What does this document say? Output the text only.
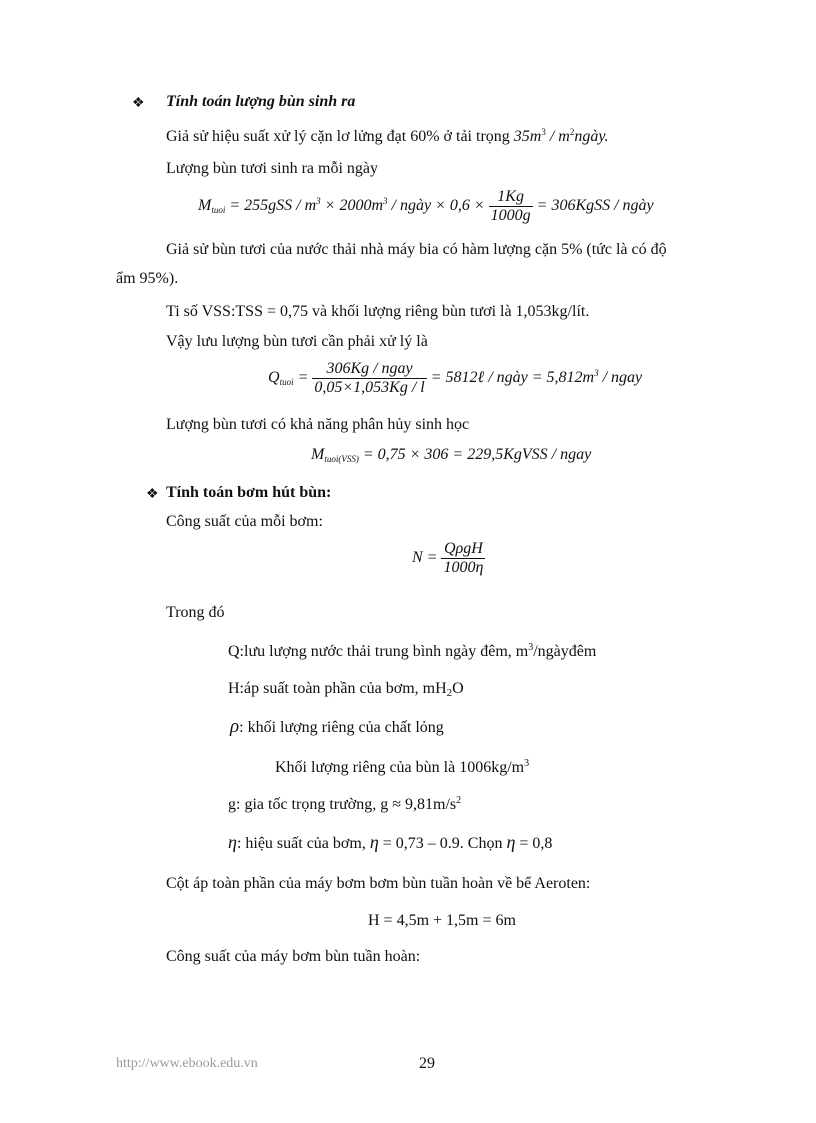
❖ Tính toán lượng bùn sinh ra
Giả sử hiệu suất xử lý cặn lơ lửng đạt 60% ở tải trọng $35m^3$ / $m^2ngày$.
Lượng bùn tươi sinh ra mỗi ngày
$M_{tuoi} = 255gSS / m^3 \times 2000m^3$ / ngày × $0,6 \times \frac{1Kg}{1000g}$ = 306KgSS / ngày
Giả sử bùn tươi của nước thải nhà máy bia có hàm lượng cặn 5% (tức là có độ
ẩm 95%).
Ti số VSS:TSS = 0,75 và khối lượng riêng bùn tươi là 1,053kg/lít.
Vậy lưu lượng bùn tươi cần phải xử lý là
$Q_{tuoi} = \frac{\text{306Kg / ngay}}{0,05\times 1,053Kg / l}$ = 5812ℓ / ngày = $5,812m^3$ / ngay
Lượng bùn tươi có khả năng phân hủy sinh học
$M_{tuoi(VSS)} = 0,75 \times 306$ = 229,5KgVSS / ngay
❖ Tính toán bơm hút bùn:
Công suất của mỗi bơm:
$N = \frac{\text{QρgH}}{1000\eta}$
Trong đó
Q:lưu lượng nước thải trung bình ngày đêm, $m^3$/ngàyđêm
H:áp suất toàn phần của bơm, mH2O
ρ: khối lượng riêng của chất lỏng
Khối lượng riêng của bùn là $1006kg/m^3$
g: gia tốc trọng trường, $g \approx 9,81m/s^2$
η: hiệu suất của bơm, η = 0,73 – 0.9. Chọn η = 0,8
Cột áp toàn phần của máy bơm bơm bùn tuần hoàn về bể Aeroten:
H = 4,5m + 1,5m = 6m
Công suất của máy bơm bùn tuần hoàn:
http://www.ebook.edu.vn	29
